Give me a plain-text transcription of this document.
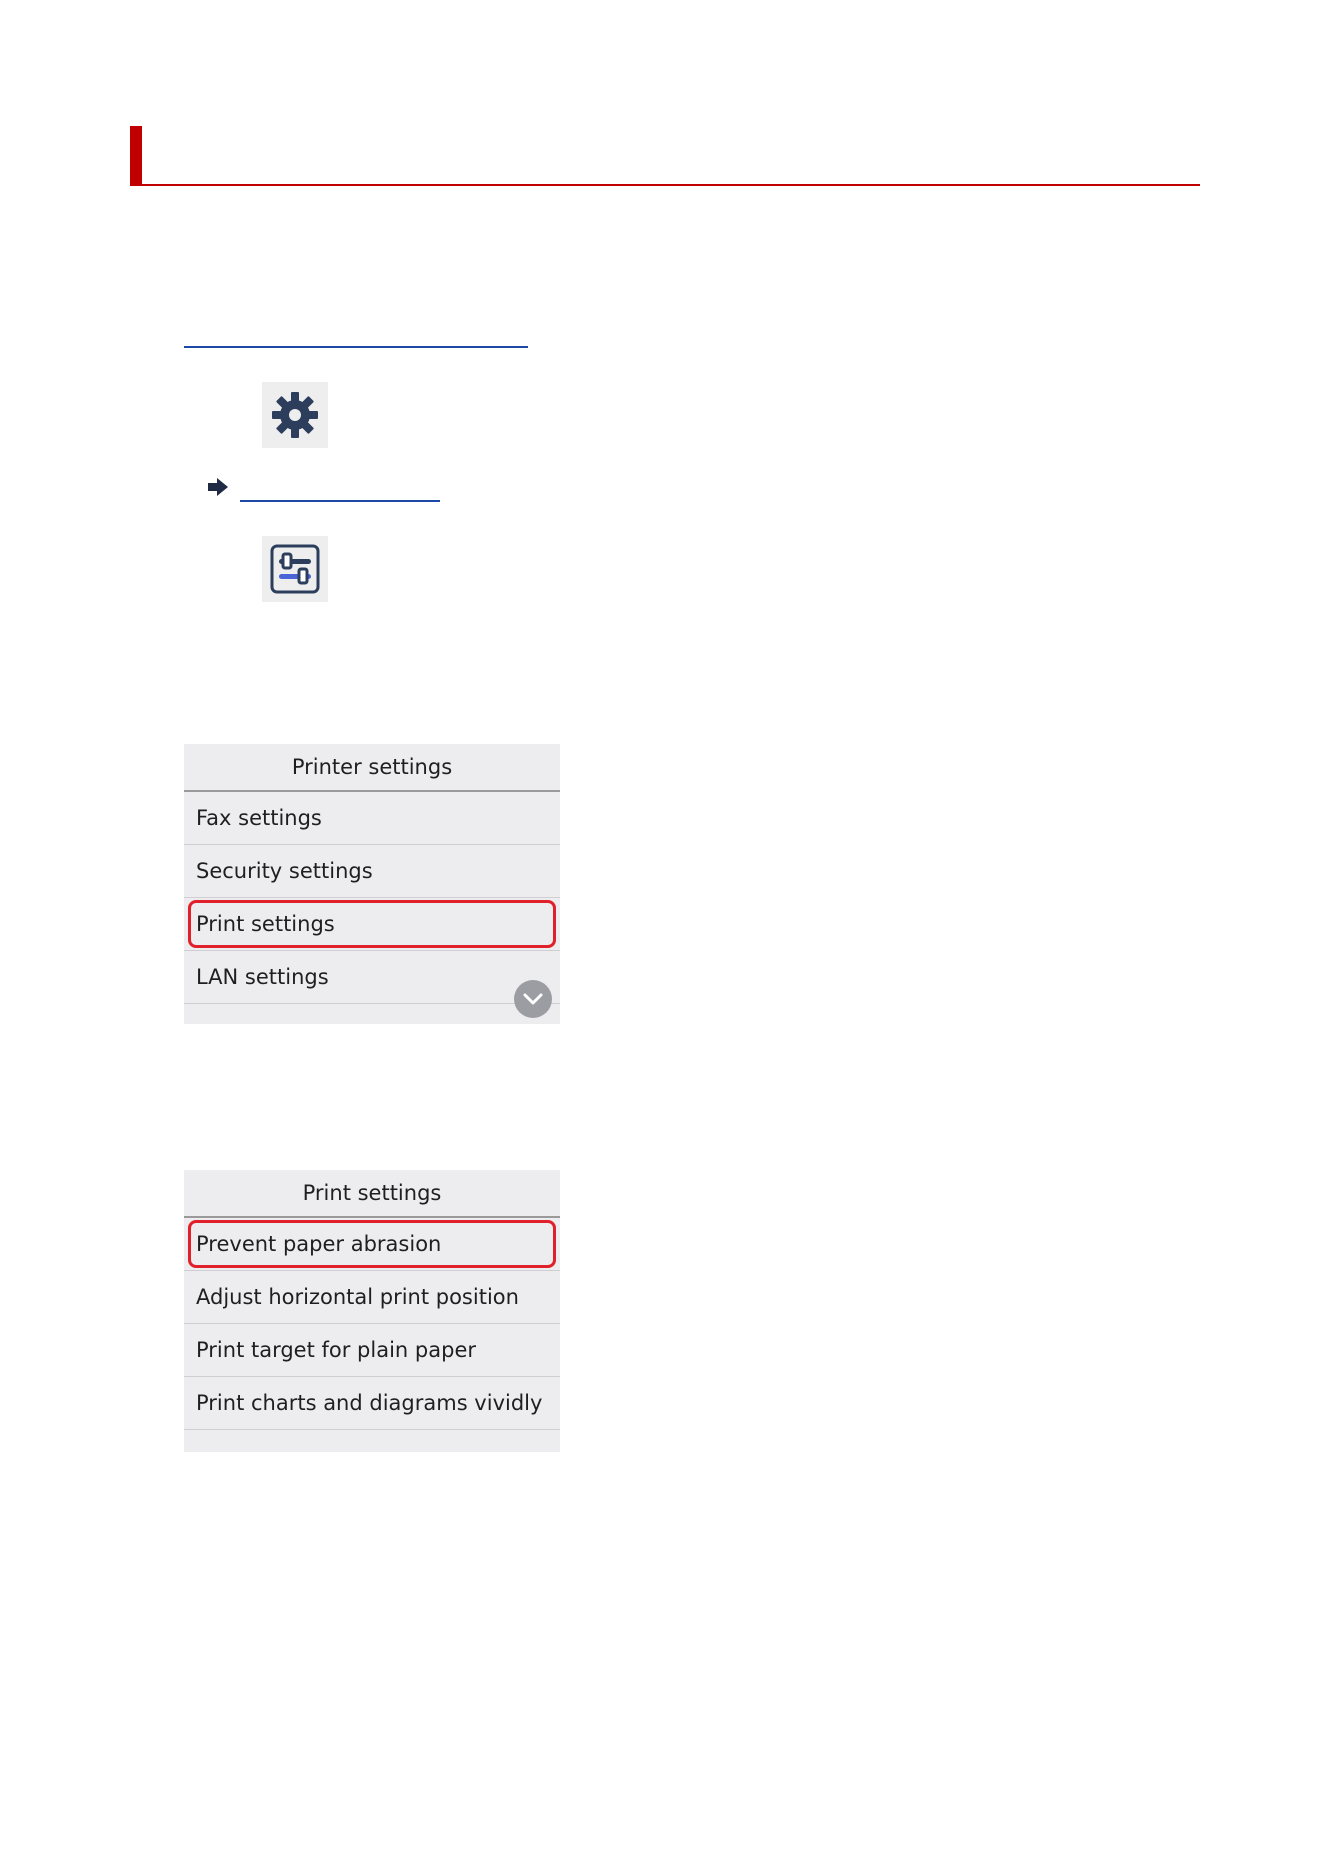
Printer settings
Fax settings
Security settings
Print settings
LAN settings
Print settings
Prevent paper abrasion
Adjust horizontal print position
Print target for plain paper
Print charts and diagrams vividly
